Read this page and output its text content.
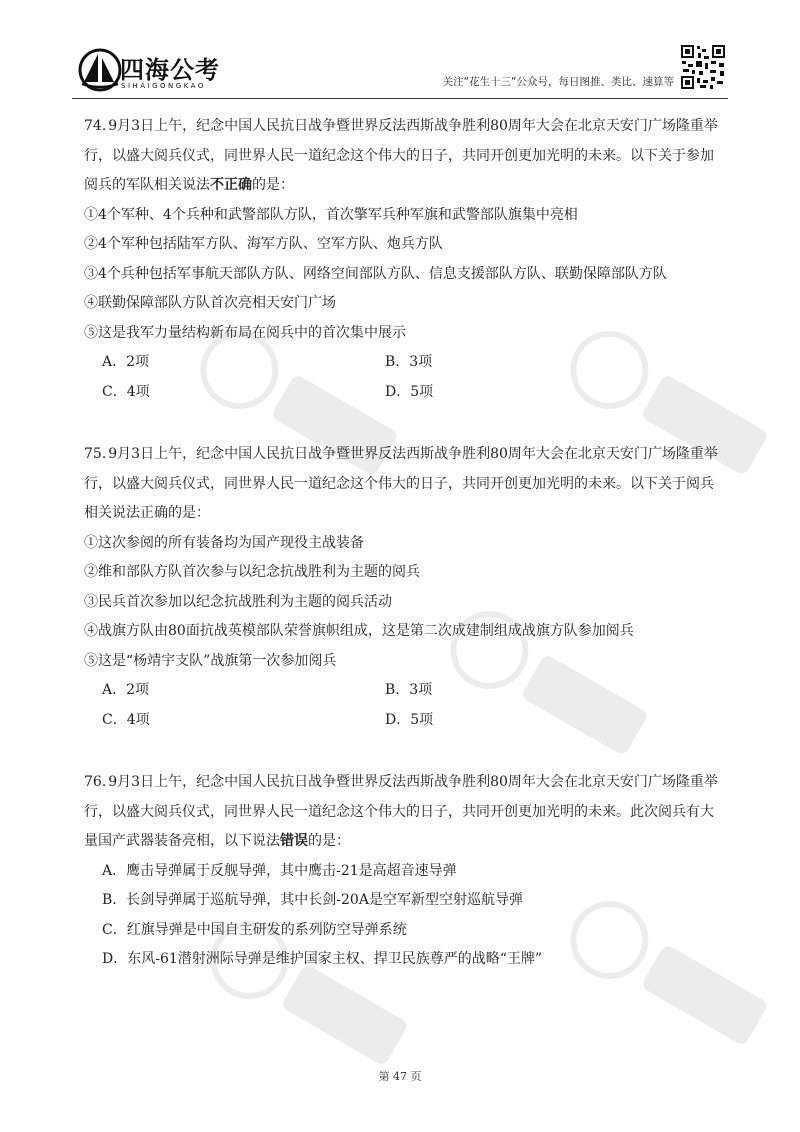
四海公考
SIHAIGONGKAO	关注“花生十三”公众号，每日图推、类比、速算等

74. 9月3日上午，纪念中国人民抗日战争暨世界反法西斯战争胜利80周年大会在北京天安门广场隆重举行，以盛大阅兵仪式，同世界人民一道纪念这个伟大的日子，共同开创更加光明的未来。以下关于参加阅兵的军队相关说法不正确的是：

①4个军种、4个兵种和武警部队方队，首次擎军兵种军旗和武警部队旗集中亮相

②4个军种包括陆军方队、海军方队、空军方队、炮兵方队

③4个兵种包括军事航天部队方队、网络空间部队方队、信息支援部队方队、联勤保障部队方队

④联勤保障部队方队首次亮相天安门广场

⑤这是我军力量结构新布局在阅兵中的首次集中展示

A．2项	B．3项
C．4项	D．5项

75. 9月3日上午，纪念中国人民抗日战争暨世界反法西斯战争胜利80周年大会在北京天安门广场隆重举行，以盛大阅兵仪式，同世界人民一道纪念这个伟大的日子，共同开创更加光明的未来。以下关于阅兵相关说法正确的是：

①这次参阅的所有装备均为国产现役主战装备

②维和部队方队首次参与以纪念抗战胜利为主题的阅兵

③民兵首次参加以纪念抗战胜利为主题的阅兵活动

④战旗方队由80面抗战英模部队荣誉旗帜组成，这是第二次成建制组成战旗方队参加阅兵

⑤这是“杨靖宇支队”战旗第一次参加阅兵

A．2项	B．3项
C．4项	D．5项

76. 9月3日上午，纪念中国人民抗日战争暨世界反法西斯战争胜利80周年大会在北京天安门广场隆重举行，以盛大阅兵仪式，同世界人民一道纪念这个伟大的日子，共同开创更加光明的未来。此次阅兵有大量国产武器装备亮相，以下说法错误的是：

A．鹰击导弹属于反舰导弹，其中鹰击-21是高超音速导弹
B．长剑导弹属于巡航导弹，其中长剑-20A是空军新型空射巡航导弹
C．红旗导弹是中国自主研发的系列防空导弹系统
D．东风-61潜射洲际导弹是维护国家主权、捍卫民族尊严的战略“王牌”
第 47 页
